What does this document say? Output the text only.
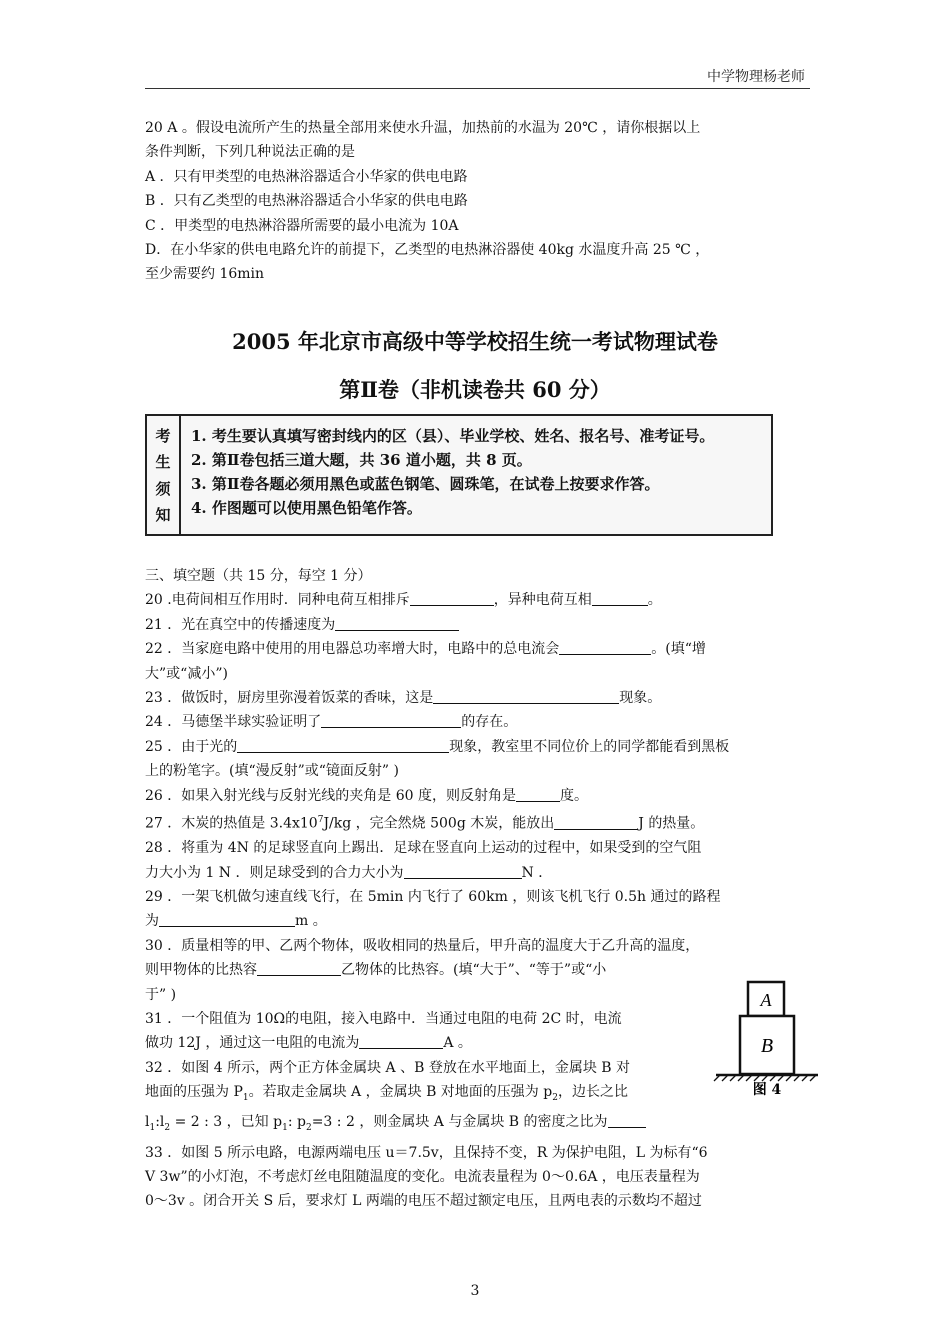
中学物理杨老师
20 A 。假设电流所产生的热量全部用来使水升温，加热前的水温为 20℃ ，请你根据以上
条件判断，下列几种说法正确的是
A ．只有甲类型的电热淋浴器适合小华家的供电电路
B ．只有乙类型的电热淋浴器适合小华家的供电电路
C ．甲类型的电热淋浴器所需要的最小电流为 10A
D．在小华家的供电电路允许的前提下，乙类型的电热淋浴器使 40kg 水温度升高 25 ℃ ，
至少需要约 16min
2005 年北京市高级中等学校招生统一考试物理试卷
第Ⅱ卷（非机读卷共 60 分）
考
生
须
知
1. 考生要认真填写密封线内的区（县）、毕业学校、姓名、报名号、准考证号。
2. 第Ⅱ卷包括三道大题，共 36 道小题，共 8 页。
3. 第Ⅱ卷各题必须用黑色或蓝色钢笔、圆珠笔，在试卷上按要求作答。
4. 作图题可以使用黑色铅笔作答。
三、填空题（共 15 分，每空 1 分）
20 .电荷间相互作用时．同种电荷互相排斥	，异种电荷互相	。
21 ．光在真空中的传播速度为
22 ．当家庭电路中使用的用电器总功率增大时，电路中的总电流会	。(填“增
大”或“减小”)
23 ．做饭时，厨房里弥漫着饭菜的香味，这是	现象。
24 ．马德堡半球实验证明了	的存在。
25 ．由于光的	现象，教室里不同位价上的同学都能看到黑板
上的粉笔字。(填“漫反射”或“镜面反射” )
26 ．如果入射光线与反射光线的夹角是 60 度，则反射角是	度。
27 ．木炭的热值是 $3.4x10^7J/kg$ ，完全然烧 500g 木炭，能放出	J 的热量。
28 ．将重为 4N 的足球竖直向上踢出．足球在竖直向上运动的过程中，如果受到的空气阻
力大小为 1 N ．则足球受到的合力大小为	N ．
29 ．一架飞机做匀速直线飞行，在 5min 内飞行了 60km ，则该飞机飞行 0.5h 通过的路程
为	m 。
30 ．质量相等的甲、乙两个物体，吸收相同的热量后，甲升高的温度大于乙升高的温度，
则甲物体的比热容	乙物体的比热容。(填“大于”、“等于”或“小
于” )
31 ．一个阻值为 10Ω的电阻，接入电路中．当通过电阻的电荷 2C 时，电流
做功 12J ，通过这一电阻的电流为	A 。
32 ．如图 4 所示，两个正方体金属块 A 、B 登放在水平地面上，金属块 B 对
地面的压强为 $P_1$。若取走金属块 A ，金属块 B 对地面的压强为 $p_2$，边长之比
$l_1:l_2 = 2$ : 3 ，已知 $p_1$: $p_2=3$ : 2 ，则金属块 A 与金属块 B 的密度之比为
33 ．如图 5 所示电路，电源两端电压 u＝7.5v，且保持不变，R 为保护电阻，L 为标有“6
V 3w”的小灯泡，不考虑灯丝电阻随温度的变化。电流表量程为 0～0.6A ，电压表量程为
0～3v 。闭合开关 S 后，要求灯 L 两端的电压不超过额定电压，且两电表的示数均不超过
A
B
图 4
3
